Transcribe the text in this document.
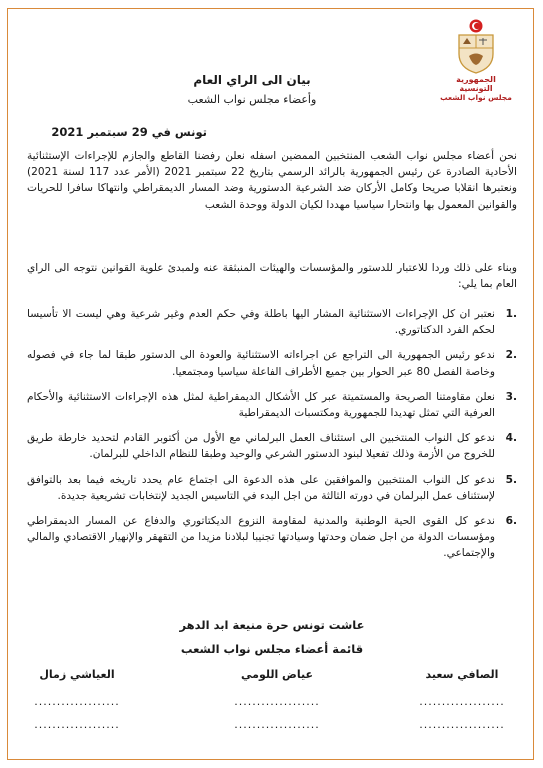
الجمهورية التونسية
مجلس نواب الشعب
بيان الى الراي العام
وأعضاء مجلس نواب الشعب
تونس في 29 سبتمبر 2021
نحن أعضاء مجلس نواب الشعب المنتخبين الممضين اسفله نعلن رفضنا القاطع والجازم للإجراءات الإستثنائية الأحادية الصادرة عن رئيس الجمهورية بالرائد الرسمي بتاريخ 22 سبتمبر 2021 (الأمر عدد 117 لسنة 2021) ونعتبرها انقلابا صريحا وكامل الأركان ضد الشرعية الدستورية وضد المسار الديمقراطي وانتهاكا سافرا للحريات والقوانين المعمول بها وانتحارا سياسيا مهددا لكيان الدولة ووحدة الشعب
وبناء على ذلك وردا للاعتبار للدستور والمؤسسات والهيئات المنبثقة عنه ولمبدئ علوية القوانين نتوجه الى الراي العام بما يلي:
.1
نعتبر ان كل الإجراءات الاستثنائية المشار اليها باطلة وفي حكم العدم وغير شرعية وهي ليست الا تأسيسا لحكم الفرد الدكتاتوري.
.2
ندعو رئيس الجمهورية الى التراجع عن اجراءاته الاستثنائية والعودة الى الدستور طبقا لما جاء في فصوله وخاصة الفصل 80 عبر الحوار بين جميع الأطراف الفاعلة سياسيا ومجتمعيا.
.3
نعلن مقاومتنا الصريحة والمستميتة عبر كل الأشكال الديمقراطية لمثل هذه الإجراءات الاستثنائية والأحكام العرفية التي تمثل تهديدا للجمهورية ومكتسبات الديمقراطية
.4
ندعو كل النواب المنتخبين الى استئناف العمل البرلماني مع الأول من أكتوبر القادم لتحديد خارطة طريق للخروج من الأزمة وذلك تفعيلا لبنود الدستور الشرعي والوحيد وطبقا للنظام الداخلي للبرلمان.
.5
ندعو كل النواب المنتخبين والموافقين على هذه الدعوة الى اجتماع عام يحدد تاريخه فيما بعد بالتوافق لإستئناف عمل البرلمان في دورته الثالثة من اجل البدء في التاسيس الجديد لإنتخابات تشريعية جديدة.
.6
ندعو كل القوى الحية الوطنية والمدنية لمقاومة النزوع الديكتاتوري والدفاع عن المسار الديمقراطي ومؤسسات الدولة من اجل ضمان وحدتها وسيادتها تجنيبا لبلادنا مزيدا من التقهقر والإنهيار الاقتصادي والمالي والإجتماعي.
عاشت تونس حرة منيعة ابد الدهر
قائمة أعضاء مجلس نواب الشعب
الصافي سعيد
...................
...................
عياض اللومي
...................
...................
العياشي زمال
...................
...................
